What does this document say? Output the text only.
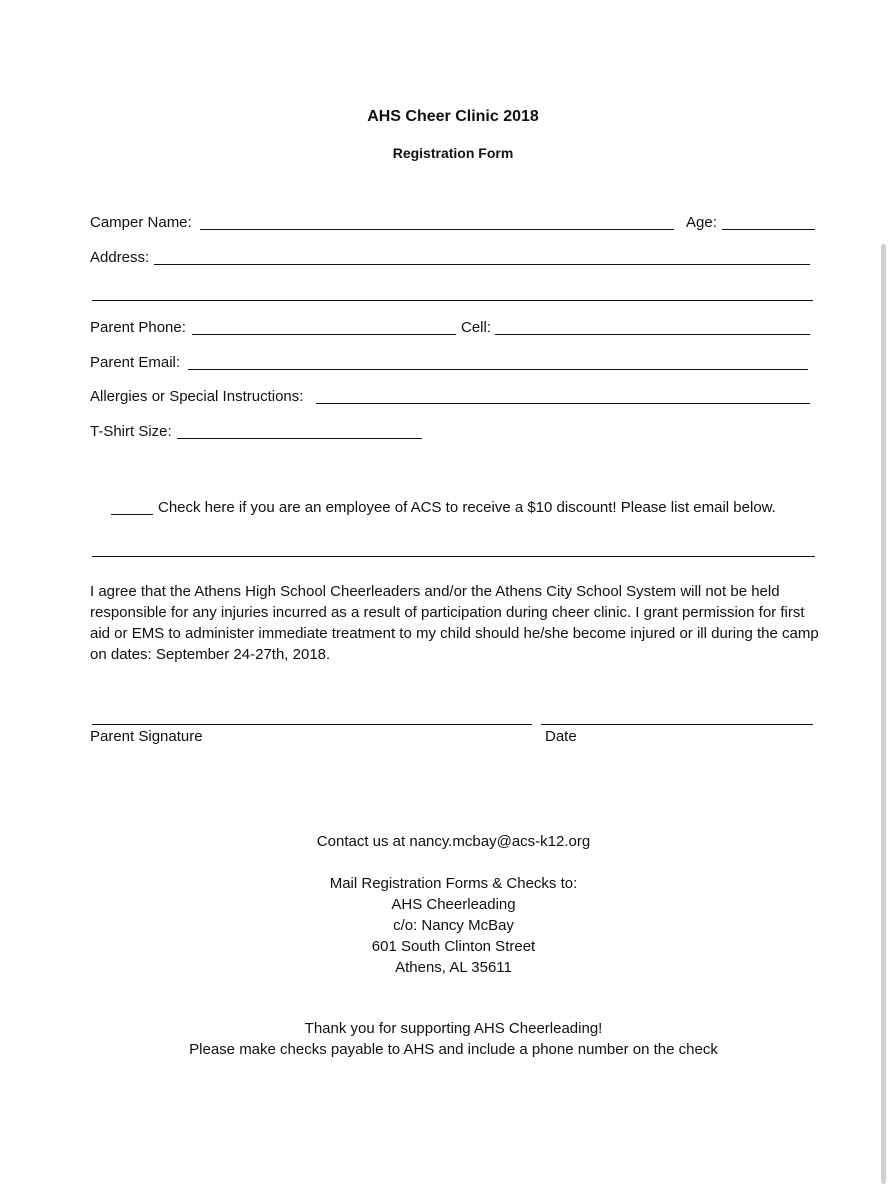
AHS Cheer Clinic 2018
Registration Form
Camper Name:	Age:
Address:
Parent Phone:	Cell:
Parent Email:
Allergies or Special Instructions:
T-Shirt Size:
Check here if you are an employee of ACS to receive a $10 discount! Please list email below.
I agree that the Athens High School Cheerleaders and/or the Athens City School System will not be held responsible for any injuries incurred as a result of participation during cheer clinic. I grant permission for first aid or EMS to administer immediate treatment to my child should he/she become injured or ill during the camp on dates: September 24-27th, 2018.
Parent Signature	Date
Contact us at nancy.mcbay@acs-k12.org
Mail Registration Forms & Checks to:
AHS Cheerleading
c/o: Nancy McBay
601 South Clinton Street
Athens, AL 35611
Thank you for supporting AHS Cheerleading!
Please make checks payable to AHS and include a phone number on the check
